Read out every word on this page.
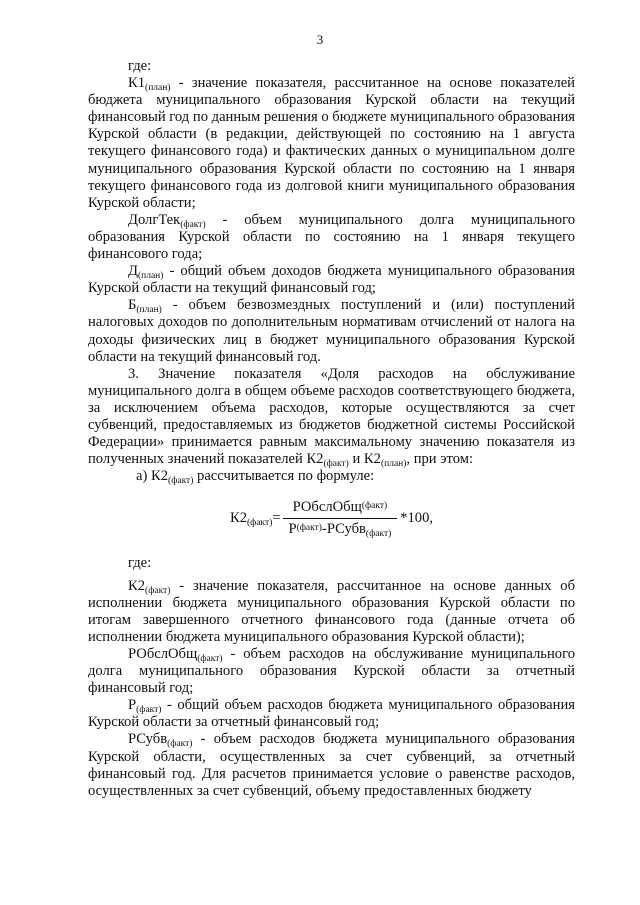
3

где:

$К1_{(план)}$ - значение показателя, рассчитанное на основе показателей бюджета муниципального образования Курской области на текущий финансовый год по данным решения о бюджете муниципального образования Курской области (в редакции, действующей по состоянию на 1 августа текущего финансового года) и фактических данных о муниципальном долге муниципального образования Курской области по состоянию на 1 января текущего финансового года из долговой книги муниципального образования Курской области;

ДолгТек$_{(факт)}$ - объем муниципального долга муниципального образования Курской области по состоянию на 1 января текущего финансового года;

$Д_{(план)}$ - общий объем доходов бюджета муниципального образования Курской области на текущий финансовый год;

$Б_{(план)}$ - объем безвозмездных поступлений и (или) поступлений налоговых доходов по дополнительным нормативам отчислений от налога на доходы физических лиц в бюджет муниципального образования Курской области на текущий финансовый год.

3. Значение показателя «Доля расходов на обслуживание муниципального долга в общем объеме расходов соответствующего бюджета, за исключением объема расходов, которые осуществляются за счет субвенций, предоставляемых из бюджетов бюджетной системы Российской Федерации» принимается равным максимальному значению показателя из полученных значений показателей $К2_{(факт)}$ и $К2_{(план)}$, при этом:

а) $К2_{(факт)}$ рассчитывается по формуле:

$К2_{(факт)}= \frac{РОбслОбщ_{(факт)}}{Р_{(факт)}-РСубв_{(факт)}} *100$,

где:

$К2_{(факт)}$ - значение показателя, рассчитанное на основе данных об исполнении бюджета муниципального образования Курской области по итогам завершенного отчетного финансового года (данные отчета об исполнении бюджета муниципального образования Курской области);

РОбслОбщ$_{(факт)}$ - объем расходов на обслуживание муниципального долга муниципального образования Курской области за отчетный финансовый год;

$Р_{(факт)}$ - общий объем расходов бюджета муниципального образования Курской области за отчетный финансовый год;

РСубв$_{(факт)}$ - объем расходов бюджета муниципального образования Курской области, осуществленных за счет субвенций, за отчетный финансовый год. Для расчетов принимается условие о равенстве расходов, осуществленных за счет субвенций, объему предоставленных бюджету
